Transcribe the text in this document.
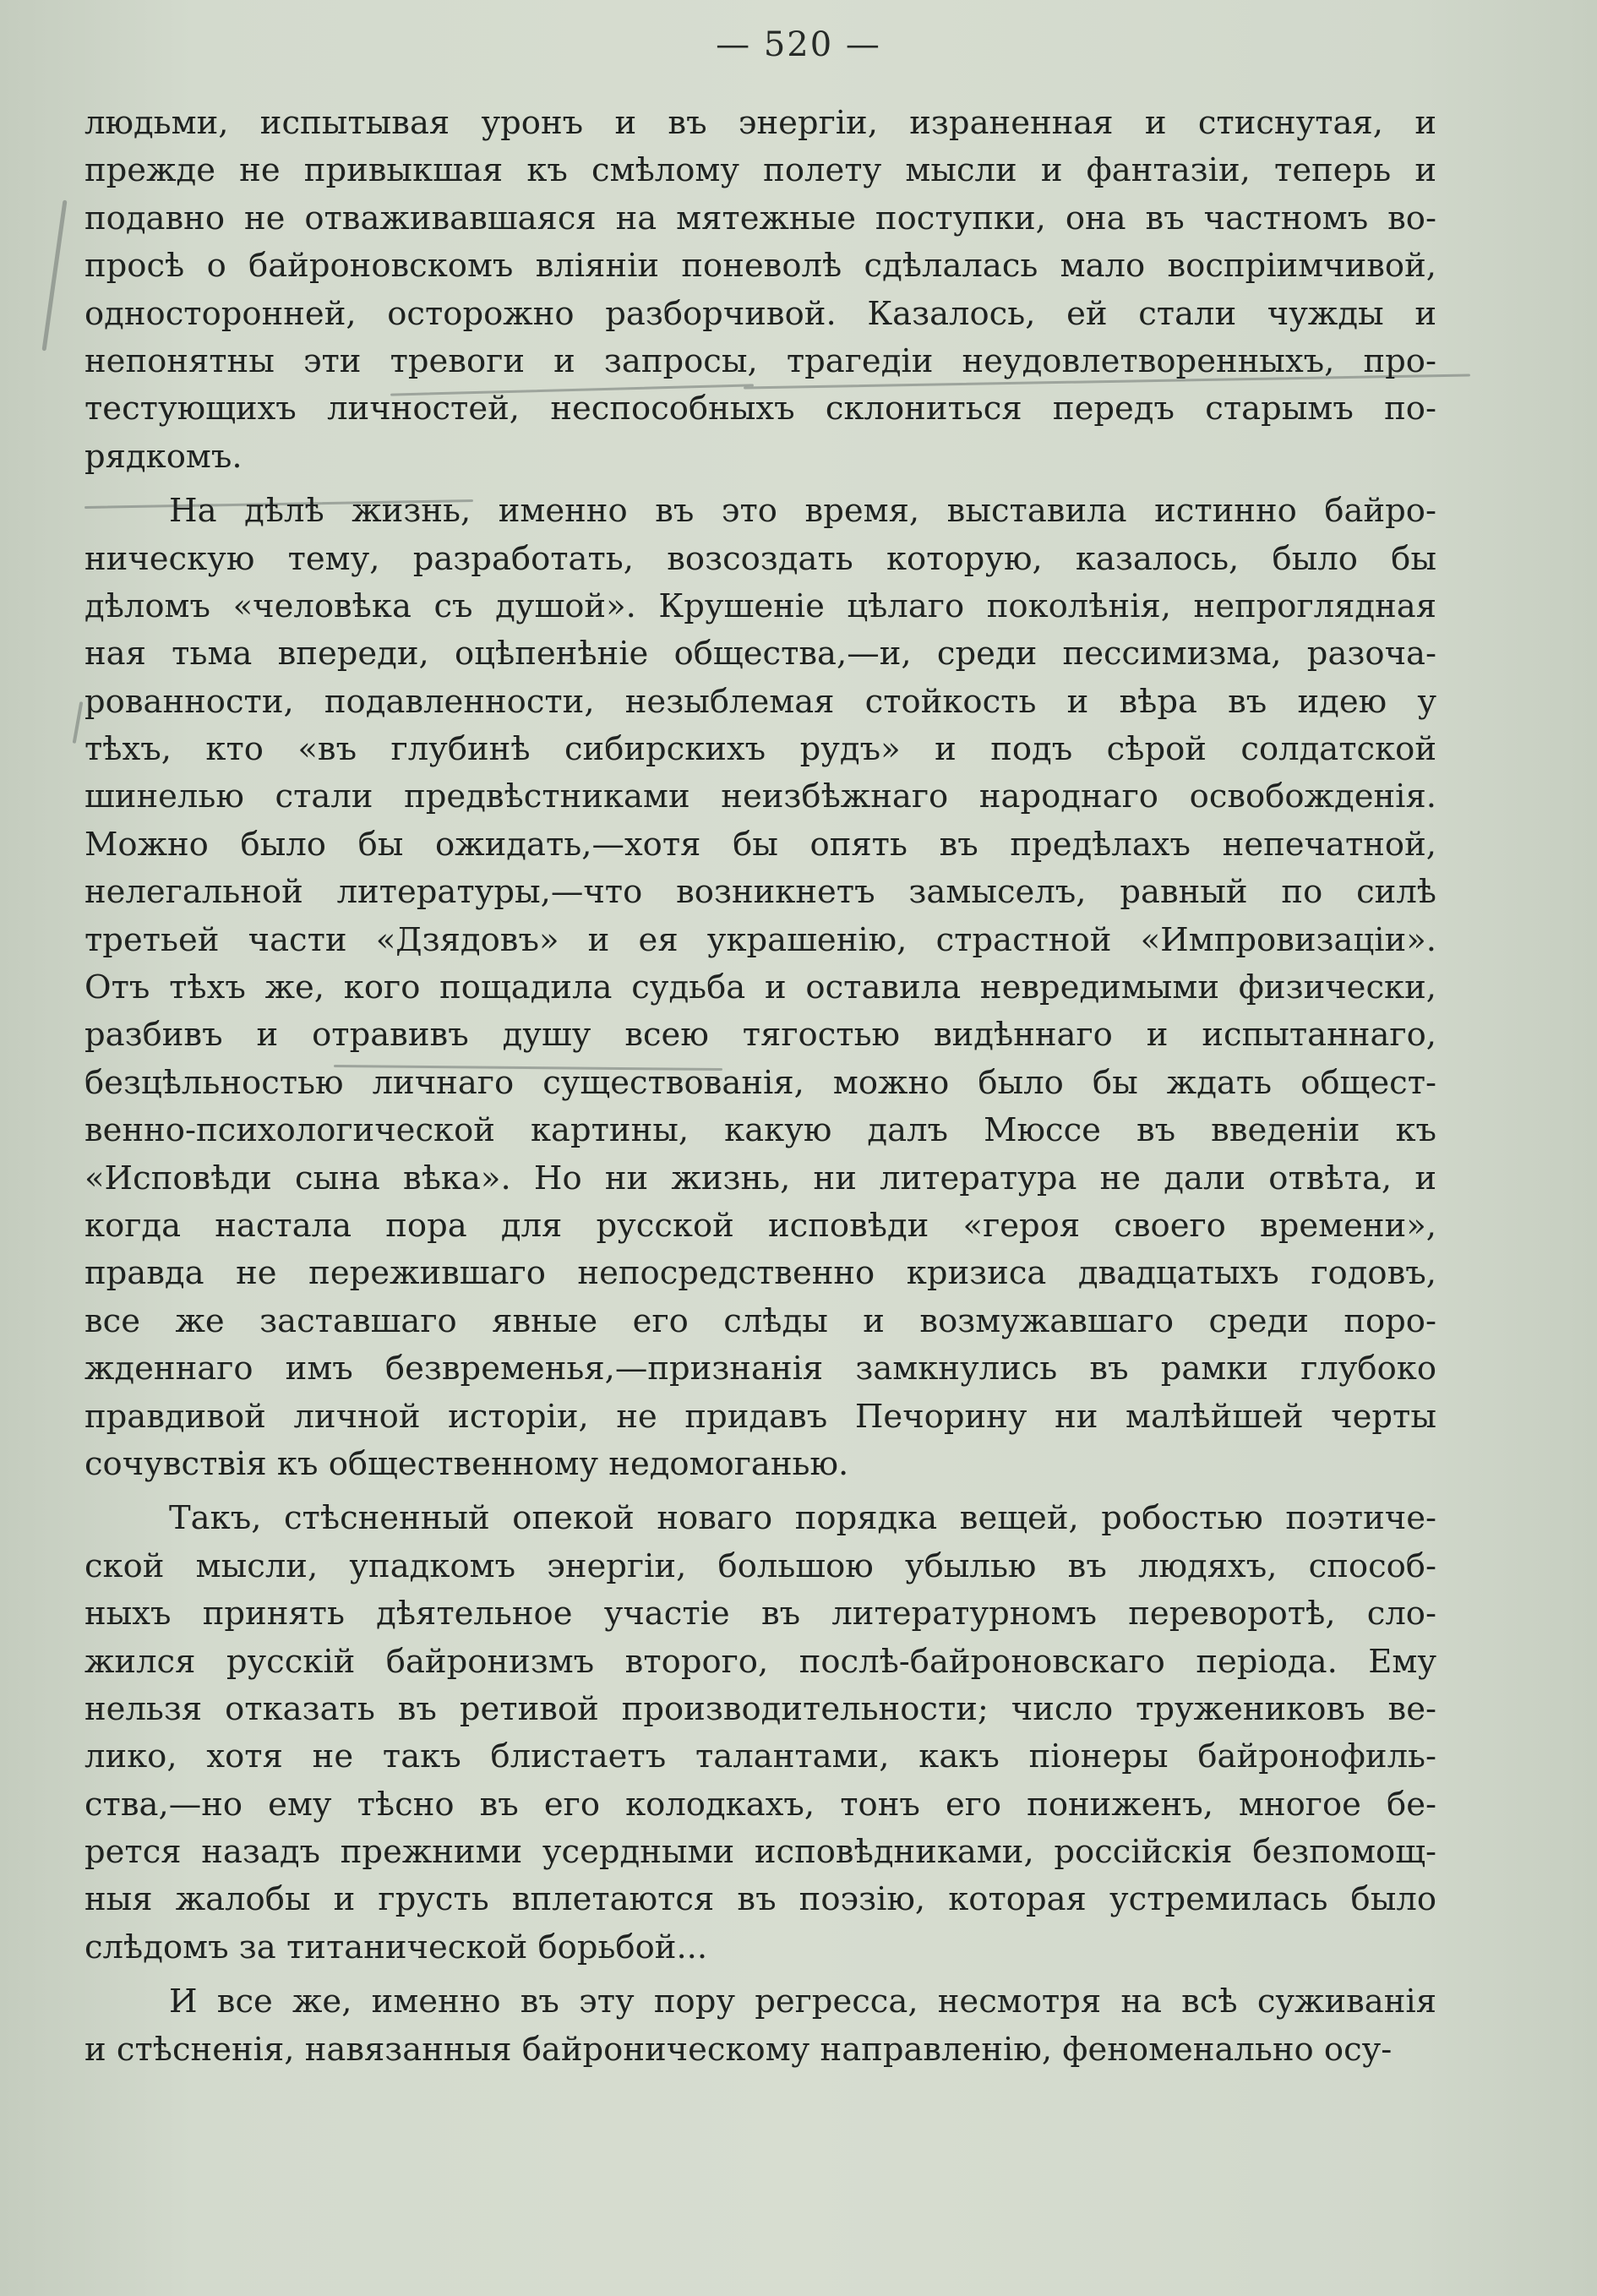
— 520 —
людьми, испытывая уронъ и въ энергіи, израненная и стиснутая, и
прежде не привыкшая къ смѣлому полету мысли и фантазіи, теперь и
подавно не отваживавшаяся на мятежные поступки, она въ частномъ во-
просѣ о байроновскомъ вліяніи поневолѣ сдѣлалась мало воспріимчивой,
односторонней, осторожно разборчивой. Казалось, ей стали чужды и
непонятны эти тревоги и запросы, трагедіи неудовлетворенныхъ, про-
тестующихъ личностей, неспособныхъ склониться передъ старымъ по-
рядкомъ.
На дѣлѣ жизнь, именно въ это время, выставила истинно байро-
ническую тему, разработать, возсоздать которую, казалось, было бы
дѣломъ «человѣка съ душой». Крушеніе цѣлаго поколѣнія, непроглядная
ная тьма впереди, оцѣпенѣніе общества,—и, среди пессимизма, разоча-
рованности, подавленности, незыблемая стойкость и вѣра въ идею у
тѣхъ, кто «въ глубинѣ сибирскихъ рудъ» и подъ сѣрой солдатской
шинелью стали предвѣстниками неизбѣжнаго народнаго освобожденія.
Можно было бы ожидать,—хотя бы опять въ предѣлахъ непечатной,
нелегальной литературы,—что возникнетъ замыселъ, равный по силѣ
третьей части «Дзядовъ» и ея украшенію, страстной «Импровизаціи».
Отъ тѣхъ же, кого пощадила судьба и оставила невредимыми физически,
разбивъ и отравивъ душу всею тягостью видѣннаго и испытаннаго,
безцѣльностью личнаго существованія, можно было бы ждать общест-
венно-психологической картины, какую далъ Мюссе въ введеніи къ
«Исповѣди сына вѣка». Но ни жизнь, ни литература не дали отвѣта, и
когда настала пора для русской исповѣди «героя своего времени»,
правда не пережившаго непосредственно кризиса двадцатыхъ годовъ,
все же заставшаго явные его слѣды и возмужавшаго среди поро-
жденнаго имъ безвременья,—признанія замкнулись въ рамки глубоко
правдивой личной исторіи, не придавъ Печорину ни малѣйшей черты
сочувствія къ общественному недомоганью.
Такъ, стѣсненный опекой новаго порядка вещей, робостью поэтиче-
ской мысли, упадкомъ энергіи, большою убылью въ людяхъ, способ-
ныхъ принять дѣятельное участіе въ литературномъ переворотѣ, сло-
жился русскій байронизмъ второго, послѣ-байроновскаго періода. Ему
нельзя отказать въ ретивой производительности; число тружениковъ ве-
лико, хотя не такъ блистаетъ талантами, какъ піонеры байронофиль-
ства,—но ему тѣсно въ его колодкахъ, тонъ его пониженъ, многое бе-
рется назадъ прежними усердными исповѣдниками, россійскія безпомощ-
ныя жалобы и грусть вплетаются въ поэзію, которая устремилась было
слѣдомъ за титанической борьбой...
И все же, именно въ эту пору регресса, несмотря на всѣ суживанія
и стѣсненія, навязанныя байроническому направленію, феноменально осу-
